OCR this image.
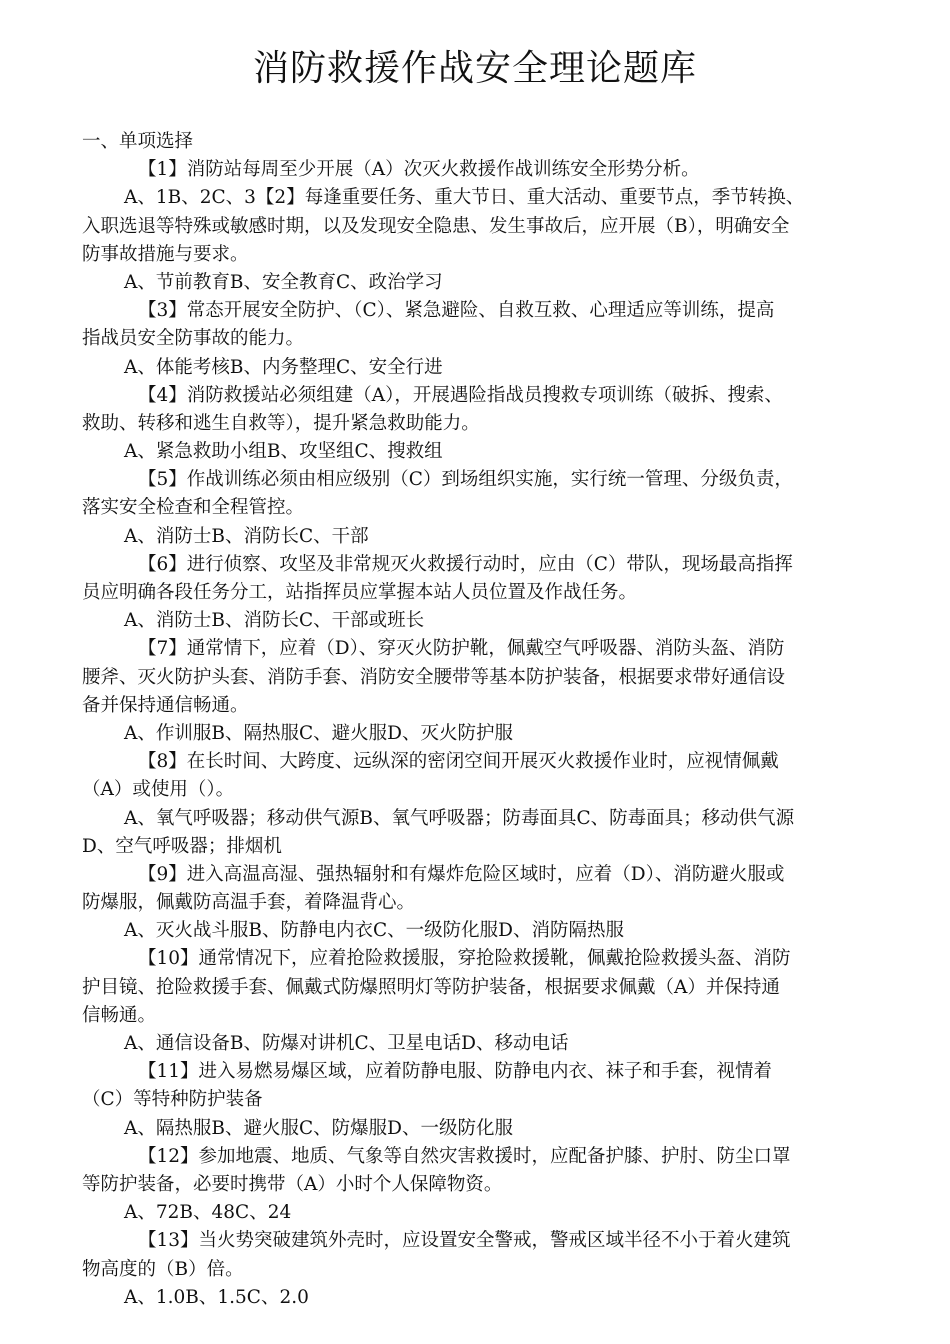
消防救援作战安全理论题库
一、单项选择
【1】消防站每周至少开展（A）次灭火救援作战训练安全形势分析。
A、1B、2C、3【2】每逢重要任务、重大节日、重大活动、重要节点，季节转换、
入职选退等特殊或敏感时期，以及发现安全隐患、发生事故后，应开展（B），明确安全
防事故措施与要求。
A、节前教育B、安全教育C、政治学习
【3】常态开展安全防护、（C）、紧急避险、自救互救、心理适应等训练，提高
指战员安全防事故的能力。
A、体能考核B、内务整理C、安全行进
【4】消防救援站必须组建（A），开展遇险指战员搜救专项训练（破拆、搜索、
救助、转移和逃生自救等），提升紧急救助能力。
A、紧急救助小组B、攻坚组C、搜救组
【5】作战训练必须由相应级别（C）到场组织实施，实行统一管理、分级负责，
落实安全检查和全程管控。
A、消防士B、消防长C、干部
【6】进行侦察、攻坚及非常规灭火救援行动时，应由（C）带队，现场最高指挥
员应明确各段任务分工，站指挥员应掌握本站人员位置及作战任务。
A、消防士B、消防长C、干部或班长
【7】通常情下，应着（D）、穿灭火防护靴，佩戴空气呼吸器、消防头盔、消防
腰斧、灭火防护头套、消防手套、消防安全腰带等基本防护装备，根据要求带好通信设
备并保持通信畅通。
A、作训服B、隔热服C、避火服D、灭火防护服
【8】在长时间、大跨度、远纵深的密闭空间开展灭火救援作业时，应视情佩戴
（A）或使用（）。
A、氧气呼吸器；移动供气源B、氧气呼吸器；防毒面具C、防毒面具；移动供气源
D、空气呼吸器；排烟机
【9】进入高温高湿、强热辐射和有爆炸危险区域时，应着（D）、消防避火服或
防爆服，佩戴防高温手套，着降温背心。
A、灭火战斗服B、防静电内衣C、一级防化服D、消防隔热服
【10】通常情况下，应着抢险救援服，穿抢险救援靴，佩戴抢险救援头盔、消防
护目镜、抢险救援手套、佩戴式防爆照明灯等防护装备，根据要求佩戴（A）并保持通
信畅通。
A、通信设备B、防爆对讲机C、卫星电话D、移动电话
【11】进入易燃易爆区域，应着防静电服、防静电内衣、袜子和手套，视情着
（C）等特种防护装备
A、隔热服B、避火服C、防爆服D、一级防化服
【12】参加地震、地质、气象等自然灾害救援时，应配备护膝、护肘、防尘口罩
等防护装备，必要时携带（A）小时个人保障物资。
A、72B、48C、24
【13】当火势突破建筑外壳时，应设置安全警戒，警戒区域半径不小于着火建筑
物高度的（B）倍。
A、1.0B、1.5C、2.0
